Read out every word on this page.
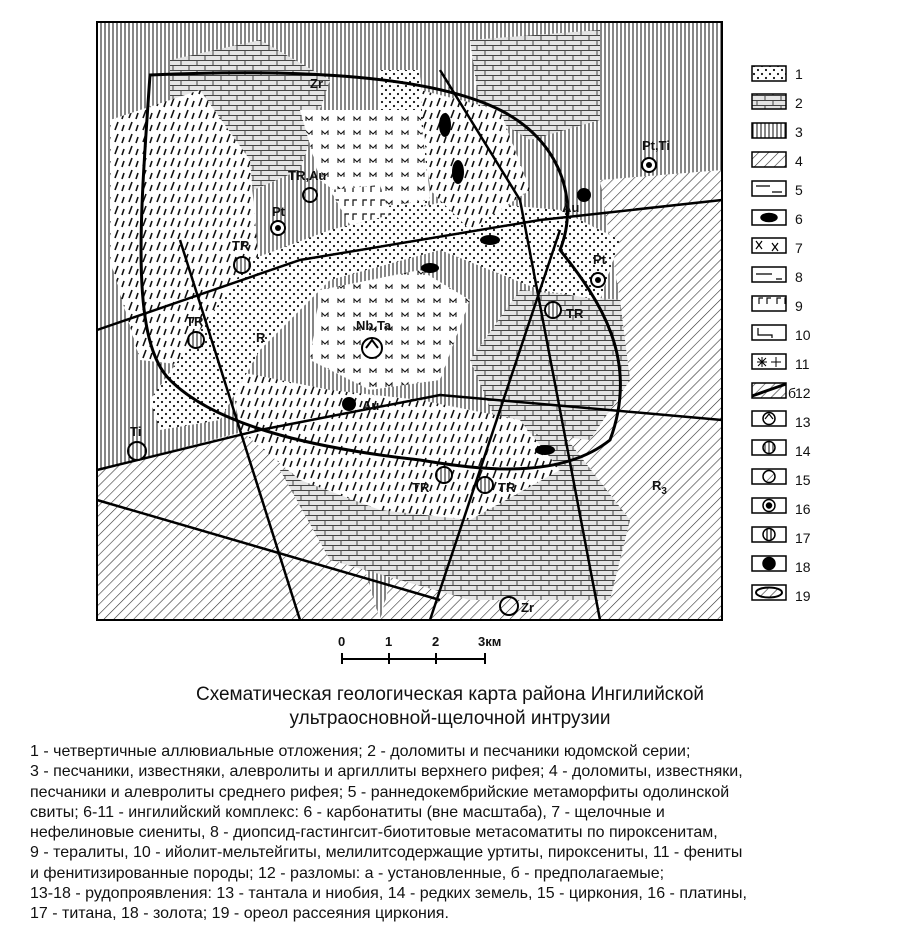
Zr
Pt,Ti
TR,Au
Pt
TR
TR
R
Nb,Ta
Pt
TR
Au
Au
Ti
TR	TR	$R_3$
Zr
1
2
3
4
5
6
7
8
9
10
11
12
13
14
15
16
17
18
19
б
0	1	2	3км
Схематическая геологическая карта района Ингилийской
ультраосновной-щелочной интрузии
1 - четвертичные аллювиальные отложения; 2 - доломиты и песчаники юдомской серии;
3 - песчаники, известняки, алевролиты и аргиллиты верхнего рифея; 4 - доломиты, известняки,
песчаники и алевролиты среднего рифея; 5 - раннедокембрийские метаморфиты одолинской
свиты; 6-11 - ингилийский комплекс: 6 - карбонатиты (вне масштаба), 7 - щелочные и
нефелиновые сиениты, 8 - диопсид-гастингсит-биотитовые метасоматиты по пироксенитам,
9 - тералиты, 10 - ийолит-мельтейгиты, мелилитсодержащие уртиты, пироксениты, 11 - фениты
и фенитизированные породы; 12 - разломы: а - установленные, б - предполагаемые;
13-18 - рудопроявления: 13 - тантала и ниобия, 14 - редких земель, 15 - циркония, 16 - платины,
17 - титана, 18 - золота; 19 - ореол рассеяния циркония.
